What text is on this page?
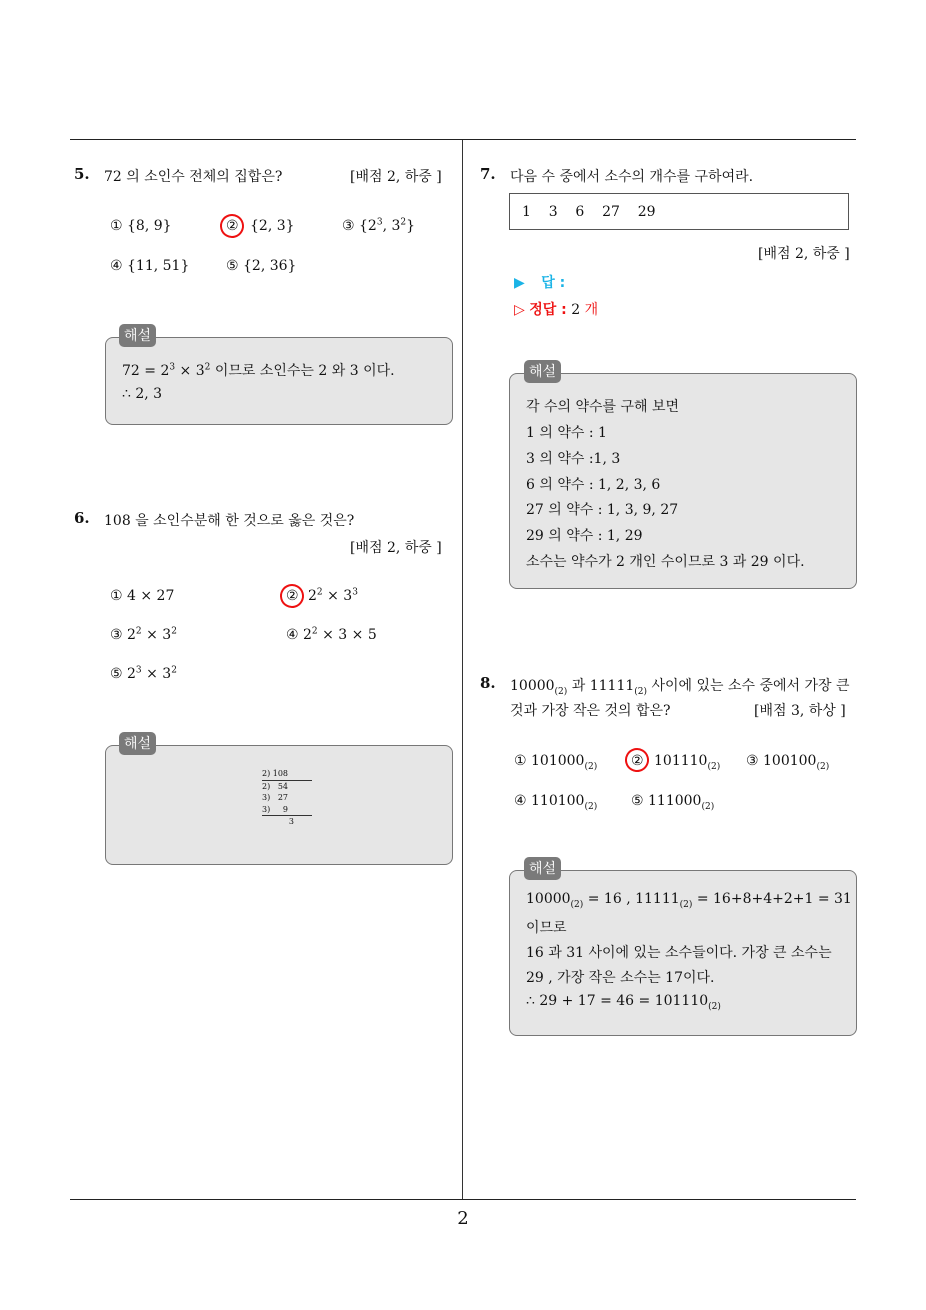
5. 72 의 소인수 전체의 집합은?	[배점 2, 하중 ]
① {8, 9}	② {2, 3}	③ {$2^3$, $3^2$}
④ {11, 51}	⑤ {2, 36}
$72 = 2^3 \times 3^2$ 이므로 소인수는 2 와 3 이다.
∴ 2, 3
해설
6. 108 을 소인수분해 한 것으로 옳은 것은?
[배점 2, 하중 ]
① 4 × 27	② $2^2 \times 3^3$
③ $2^2 \times 3^2$	④ $2^2 \times 3 \times 5$
⑤ $2^3 \times 3^2$
2) 108
2)   54
3)   27
3)     9
3
해설
7. 다음 수 중에서 소수의 개수를 구하여라.
1    3    6    27    29
[배점 2, 하중 ]
▶ 답 :
▷ 정답 : 2 개
각 수의 약수를 구해 보면
1 의 약수 : 1
3 의 약수 :1, 3
6 의 약수 : 1, 2, 3, 6
27 의 약수 : 1, 3, 9, 27
29 의 약수 : 1, 29
소수는 약수가 2 개인 수이므로 3 과 29 이다.
해설
8. $10000_{(2)}$ 과 $11111_{(2)}$ 사이에 있는 소수 중에서 가장 큰
것과 가장 작은 것의 합은?	[배점 3, 하상 ]
① $101000_{(2)}$ ② $101110_{(2)}$ ③ $100100_{(2)}$
④ $110100_{(2)}$ ⑤ $111000_{(2)}$
$10000_{(2)} = 16$ , $11111_{(2)} = 16+8+4+2+1 = 31$
이므로
16 과 31 사이에 있는 소수들이다. 가장 큰 소수는
29 , 가장 작은 소수는 17이다.
∴ $29 + 17 = 46 = 101110_{(2)}$
해설
2
